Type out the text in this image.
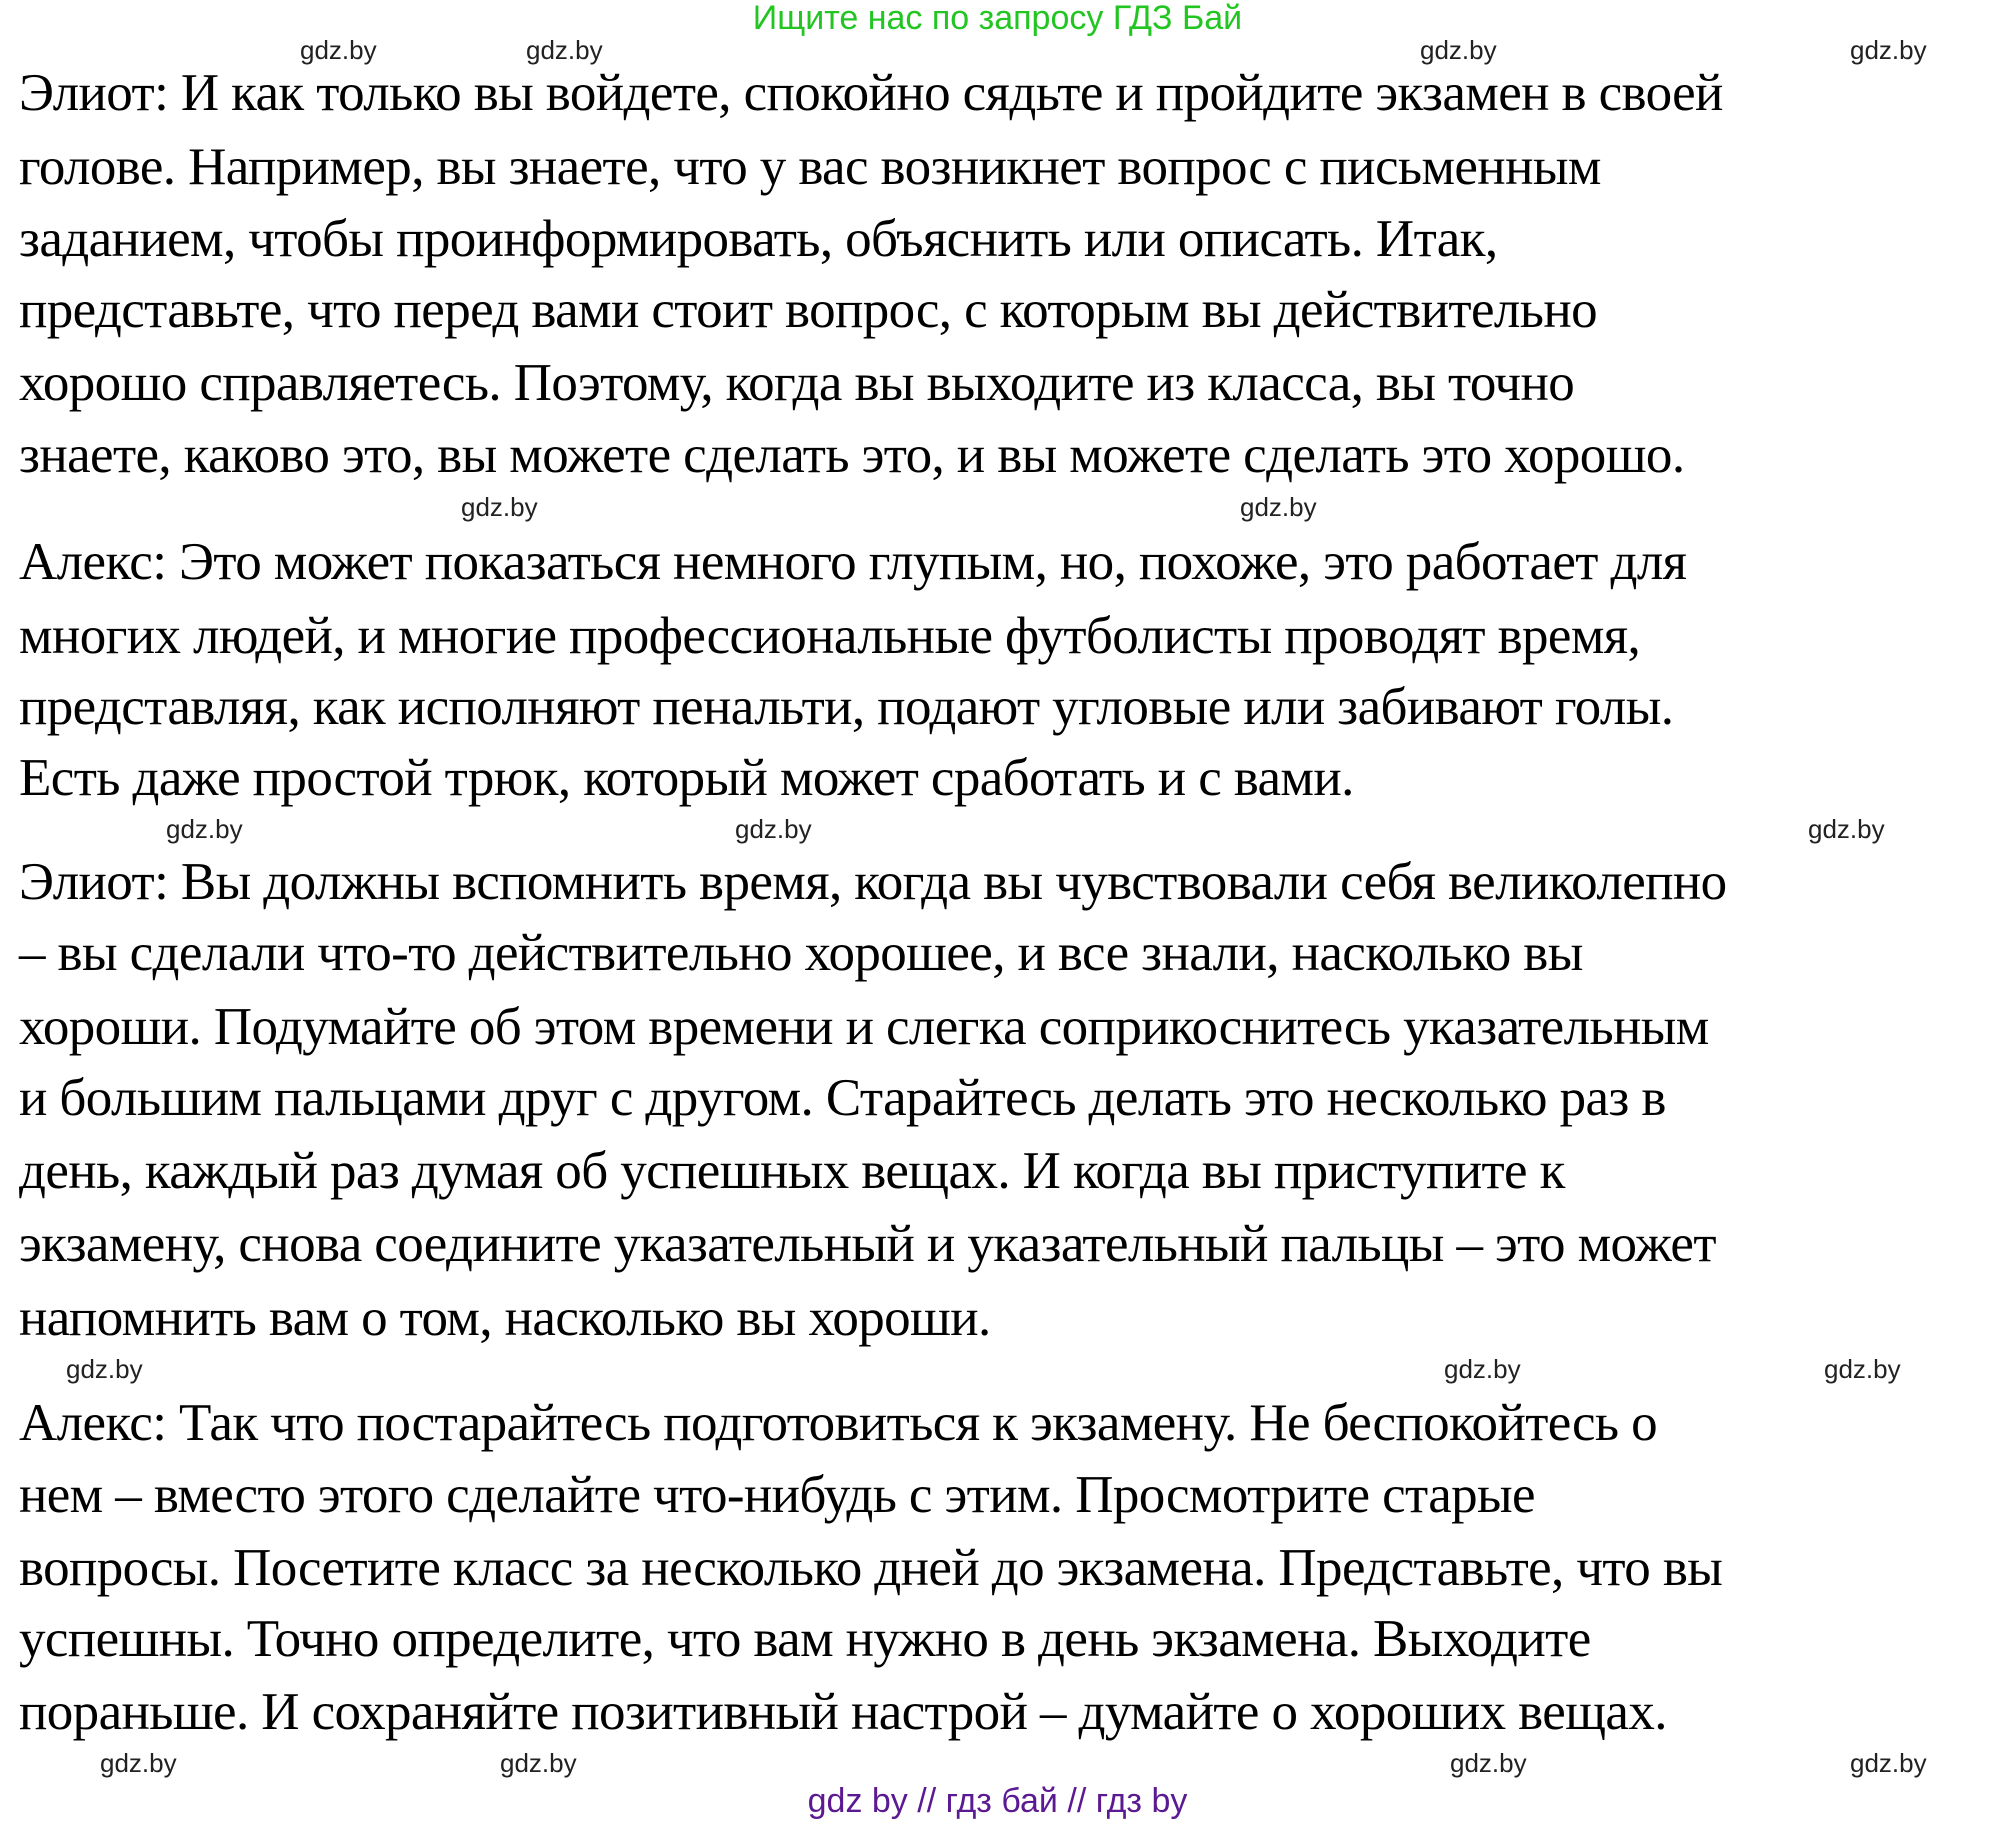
Ищите нас по запросу ГДЗ Бай
Элиот: И как только вы войдете, спокойно сядьте и пройдите экзамен в своей
голове. Например, вы знаете, что у вас возникнет вопрос с письменным
заданием, чтобы проинформировать, объяснить или описать. Итак,
представьте, что перед вами стоит вопрос, с которым вы действительно
хорошо справляетесь. Поэтому, когда вы выходите из класса, вы точно
знаете, каково это, вы можете сделать это, и вы можете сделать это хорошо.
Алекс: Это может показаться немного глупым, но, похоже, это работает для
многих людей, и многие профессиональные футболисты проводят время,
представляя, как исполняют пенальти, подают угловые или забивают голы.
Есть даже простой трюк, который может сработать и с вами.
Элиот: Вы должны вспомнить время, когда вы чувствовали себя великолепно
– вы сделали что-то действительно хорошее, и все знали, насколько вы
хороши. Подумайте об этом времени и слегка соприкоснитесь указательным
и большим пальцами друг с другом. Старайтесь делать это несколько раз в
день, каждый раз думая об успешных вещах. И когда вы приступите к
экзамену, снова соедините указательный и указательный пальцы – это может
напомнить вам о том, насколько вы хороши.
Алекс: Так что постарайтесь подготовиться к экзамену. Не беспокойтесь о
нем – вместо этого сделайте что-нибудь с этим. Просмотрите старые
вопросы. Посетите класс за несколько дней до экзамена. Представьте, что вы
успешны. Точно определите, что вам нужно в день экзамена. Выходите
пораньше. И сохраняйте позитивный настрой – думайте о хороших вещах.
gdz.by
gdz.by	gdz.by	gdz.by
gdz.by	gdz.by
gdz.by
gdz.by	gdz.by
gdz.by
gdz.by
gdz.by
gdz.by	gdz.by
gdz.by
gdz.by
gdz by // гдз бай // гдз by
